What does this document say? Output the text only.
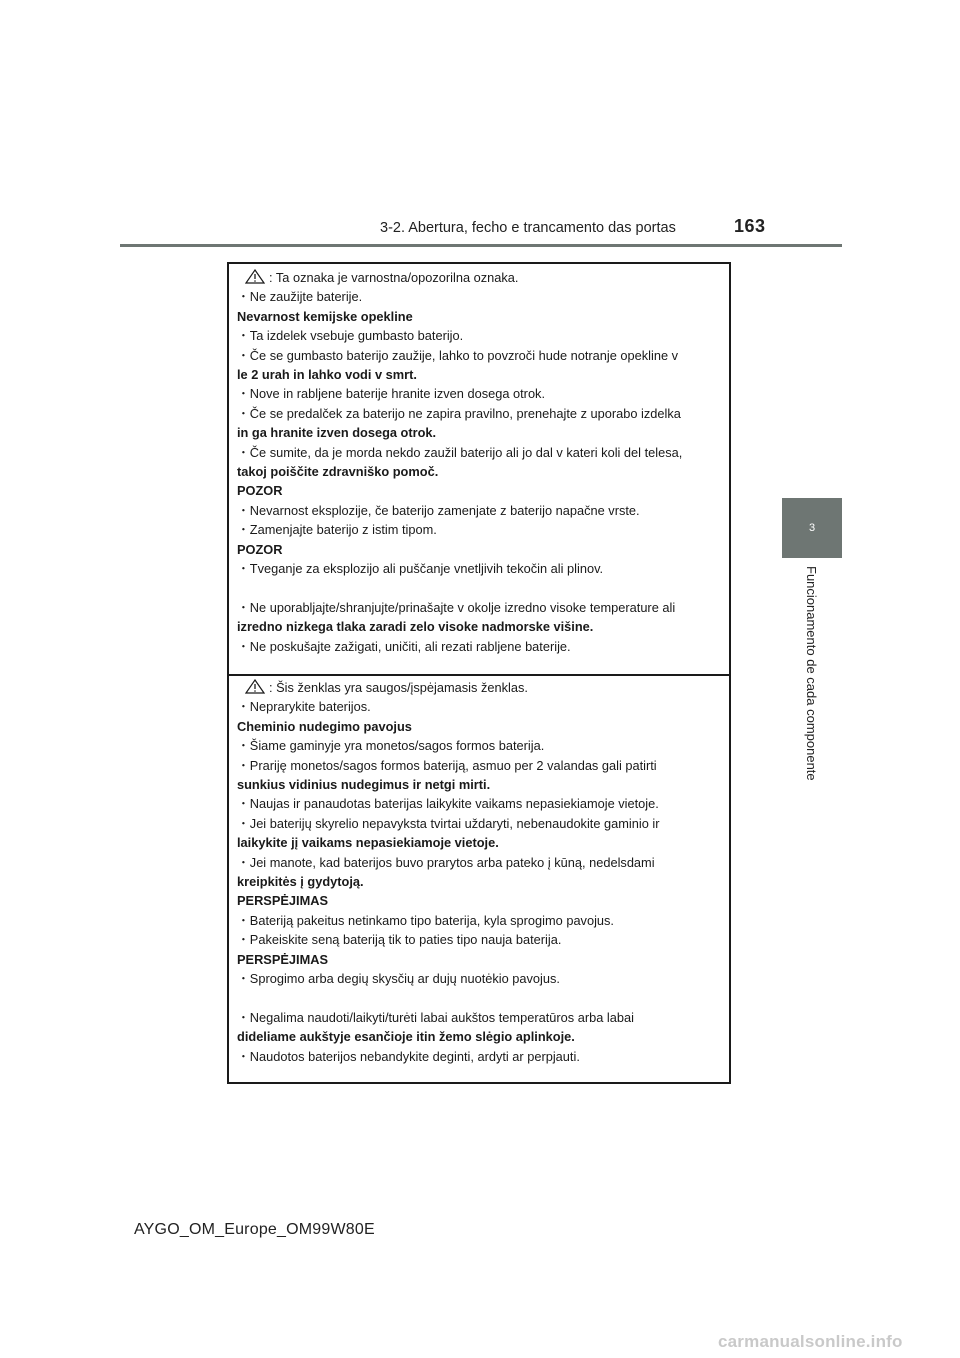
3-2. Abertura, fecho e trancamento das portas	163
3
Funcionamento de cada componente
: Ta oznaka je varnostna/opozorilna oznaka.
・Ne zaužijte baterije.
Nevarnost kemijske opekline
・Ta izdelek vsebuje gumbasto baterijo.
・Če se gumbasto baterijo zaužije, lahko to povzroči hude notranje opekline v
le 2 urah in lahko vodi v smrt.
・Nove in rabljene baterije hranite izven dosega otrok.
・Če se predalček za baterijo ne zapira pravilno, prenehajte z uporabo izdelka
in ga hranite izven dosega otrok.
・Če sumite, da je morda nekdo zaužil baterijo ali jo dal v kateri koli del telesa,
takoj poiščite zdravniško pomoč.
POZOR
・Nevarnost eksplozije, če baterijo zamenjate z baterijo napačne vrste.
・Zamenjajte baterijo z istim tipom.
POZOR
・Tveganje za eksplozijo ali puščanje vnetljivih tekočin ali plinov.
・Ne uporabljajte/shranjujte/prinašajte v okolje izredno visoke temperature ali
izredno nizkega tlaka zaradi zelo visoke nadmorske višine.
・Ne poskušajte zažigati, uničiti, ali rezati rabljene baterije.
: Šis ženklas yra saugos/įspėjamasis ženklas.
・Neprarykite baterijos.
Cheminio nudegimo pavojus
・Šiame gaminyje yra monetos/sagos formos baterija.
・Prariję monetos/sagos formos bateriją, asmuo per 2 valandas gali patirti
sunkius vidinius nudegimus ir netgi mirti.
・Naujas ir panaudotas baterijas laikykite vaikams nepasiekiamoje vietoje.
・Jei baterijų skyrelio nepavyksta tvirtai uždaryti, nebenaudokite gaminio ir
laikykite jį vaikams nepasiekiamoje vietoje.
・Jei manote, kad baterijos buvo prarytos arba pateko į kūną, nedelsdami
kreipkitės į gydytoją.
PERSPĖJIMAS
・Bateriją pakeitus netinkamo tipo baterija, kyla sprogimo pavojus.
・Pakeiskite seną bateriją tik to paties tipo nauja baterija.
PERSPĖJIMAS
・Sprogimo arba degių skysčių ar dujų nuotėkio pavojus.
・Negalima naudoti/laikyti/turėti labai aukštos temperatūros arba labai
dideliame aukštyje esančioje itin žemo slėgio aplinkoje.
・Naudotos baterijos nebandykite deginti, ardyti ar perpjauti.
AYGO_OM_Europe_OM99W80E
carmanualsonline.info
